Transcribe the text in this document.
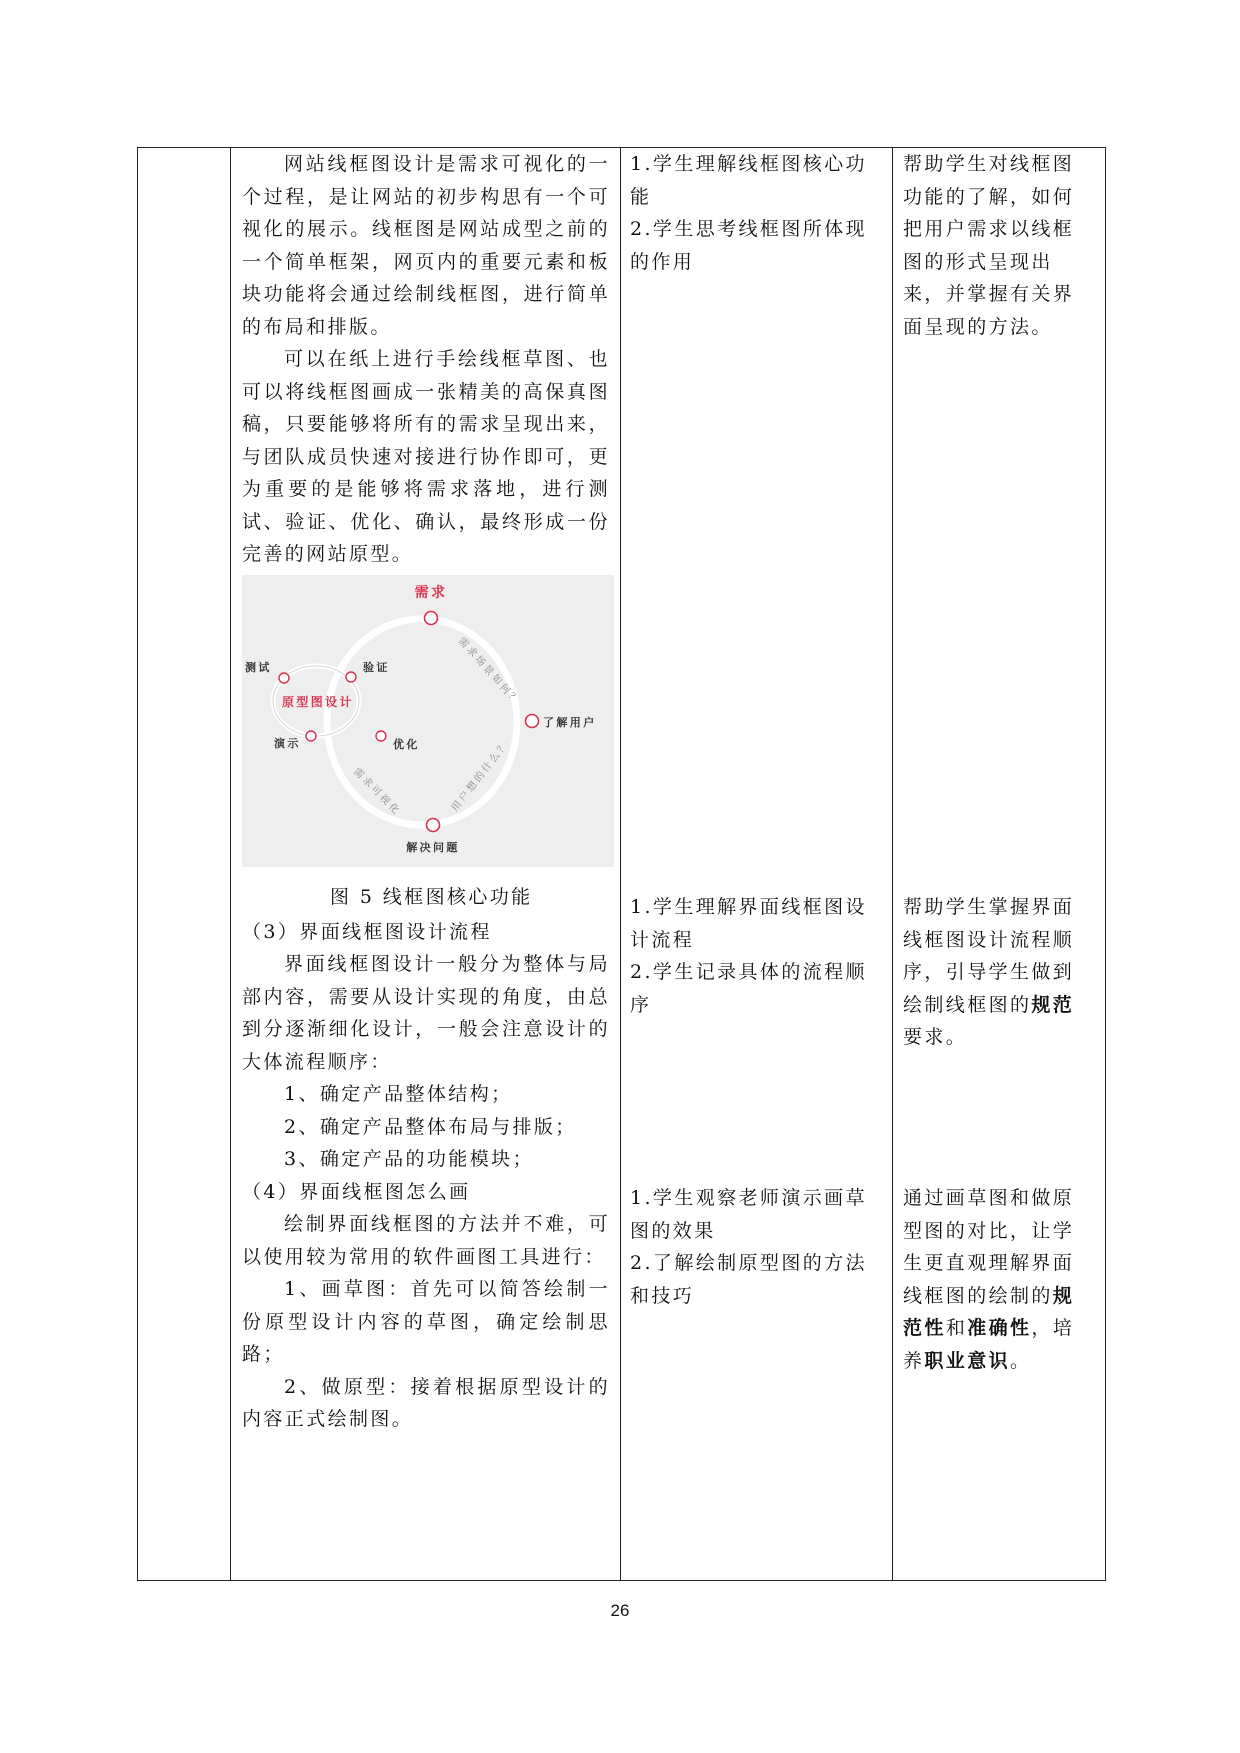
网站线框图设计是需求可视化的一个过程，是让网站的初步构思有一个可视化的展示。线框图是网站成型之前的一个简单框架，网页内的重要元素和板块功能将会通过绘制线框图，进行简单的布局和排版。

可以在纸上进行手绘线框草图、也可以将线框图画成一张精美的高保真图稿，只要能够将所有的需求呈现出来，与团队成员快速对接进行协作即可，更为重要的是能够将需求落地，进行测试、验证、优化、确认，最终形成一份完善的网站原型。

需求
了解用户
解决问题
原型图设计
测试	验证
演示	优化
需求场景如何？
用户想的什么？
需求可视化

图 5 线框图核心功能

（3）界面线框图设计流程

界面线框图设计一般分为整体与局部内容，需要从设计实现的角度，由总到分逐渐细化设计，一般会注意设计的大体流程顺序：

1、确定产品整体结构；

2、确定产品整体布局与排版；

3、确定产品的功能模块；

（4）界面线框图怎么画

绘制界面线框图的方法并不难，可以使用较为常用的软件画图工具进行：

1、画草图：首先可以简答绘制一份原型设计内容的草图，确定绘制思路；

2、做原型：接着根据原型设计的内容正式绘制图。

1.学生理解线框图核心功能

2.学生思考线框图所体现的作用

1.学生理解界面线框图设计流程

2.学生记录具体的流程顺序

1.学生观察老师演示画草图的效果

2.了解绘制原型图的方法和技巧

帮助学生对线框图功能的了解，如何把用户需求以线框图的形式呈现出来，并掌握有关界面呈现的方法。

帮助学生掌握界面线框图设计流程顺序，引导学生做到绘制线框图的规范要求。

通过画草图和做原型图的对比，让学生更直观理解界面线框图的绘制的规范性和准确性，培养职业意识。

26
